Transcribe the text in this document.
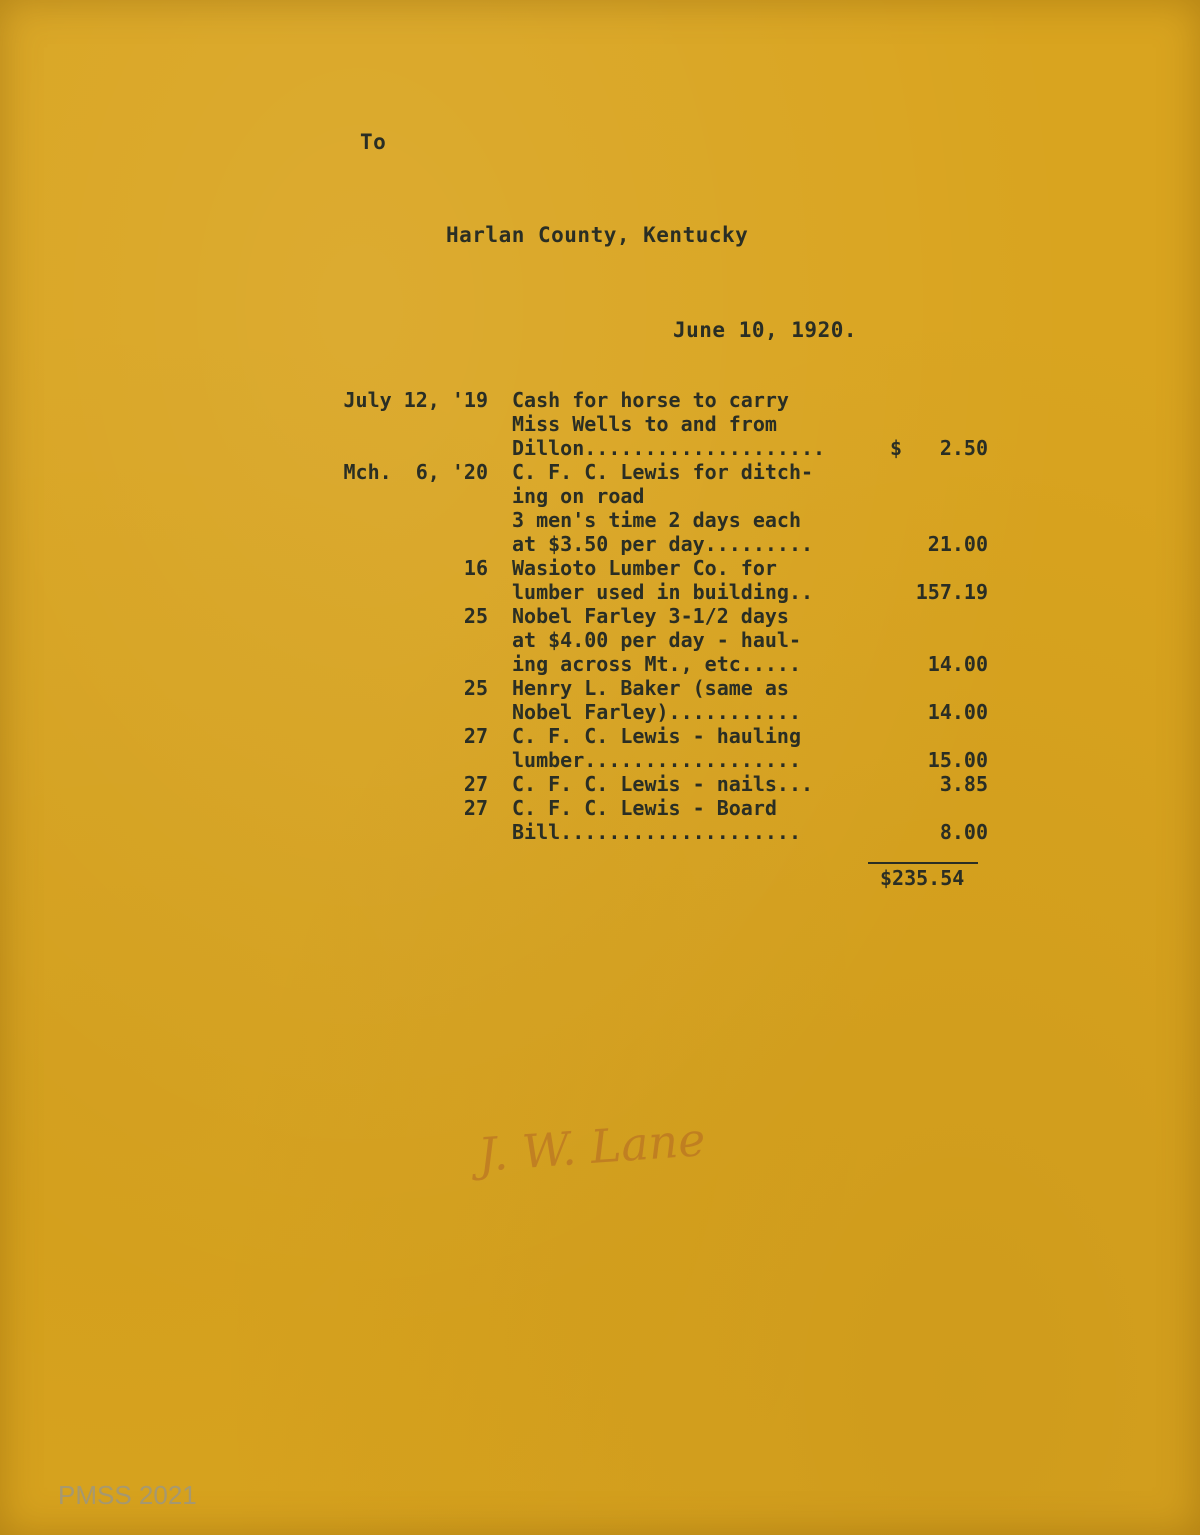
To
Harlan County, Kentucky
June 10, 1920.
July 12, '19 Cash for horse to carry
Miss Wells to and from
Dillon....................	$ 2.50
Mch.  6, '20 C. F. C. Lewis for ditch-
ing on road
3 men's time 2 days each
at $3.50 per day.........	21.00
16 Wasioto Lumber Co. for
lumber used in building..	157.19
25 Nobel Farley 3-1/2 days
at $4.00 per day - haul-
ing across Mt., etc.....	14.00
25 Henry L. Baker (same as
Nobel Farley)...........	14.00
27 C. F. C. Lewis - hauling
lumber..................	15.00
27 C. F. C. Lewis - nails...	3.85
27 C. F. C. Lewis - Board
Bill....................	8.00
$235.54
J. W. Lane
PMSS 2021
